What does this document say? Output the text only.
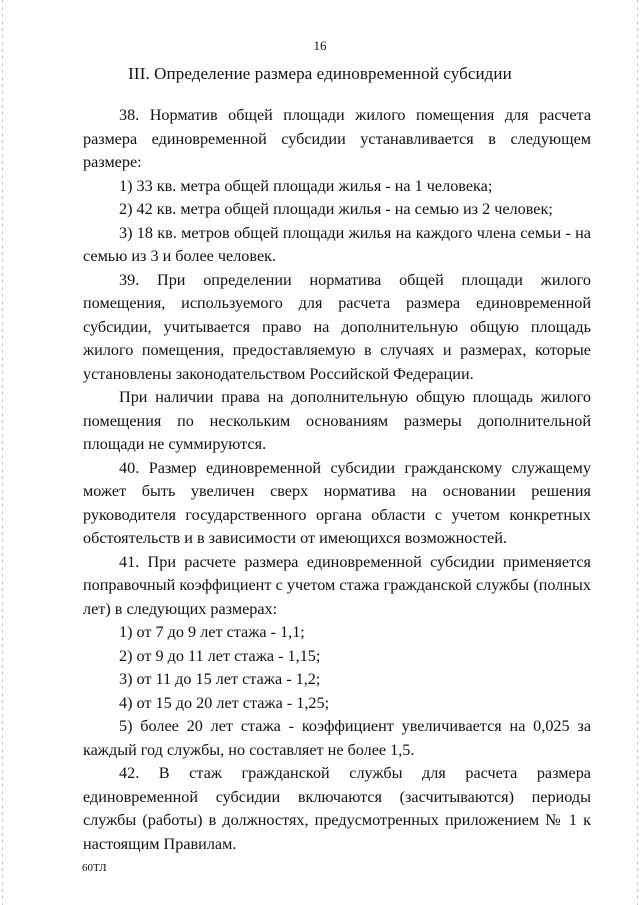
16
III. Определение размера единовременной субсидии

38. Норматив общей площади жилого помещения для расчета размера единовременной субсидии устанавливается в следующем размере:

1) 33 кв. метра общей площади жилья - на 1 человека;

2) 42 кв. метра общей площади жилья - на семью из 2 человек;

3) 18 кв. метров общей площади жилья на каждого члена семьи - на семью из 3 и более человек.

39. При определении норматива общей площади жилого помещения, используемого для расчета размера единовременной субсидии, учитывается право на дополнительную общую площадь жилого помещения, предоставляемую в случаях и размерах, которые установлены законодательством Российской Федерации.

При наличии права на дополнительную общую площадь жилого помещения по нескольким основаниям размеры дополнительной площади не суммируются.

40. Размер единовременной субсидии гражданскому служащему может быть увеличен сверх норматива на основании решения руководителя государственного органа области с учетом конкретных обстоятельств и в зависимости от имеющихся возможностей.

41. При расчете размера единовременной субсидии применяется поправочный коэффициент с учетом стажа гражданской службы (полных лет) в следующих размерах:

1) от 7 до 9 лет стажа - 1,1;

2) от 9 до 11 лет стажа - 1,15;

3) от 11 до 15 лет стажа - 1,2;

4) от 15 до 20 лет стажа - 1,25;

5) более 20 лет стажа - коэффициент увеличивается на 0,025 за каждый год службы, но составляет не более 1,5.

42. В стаж гражданской службы для расчета размера единовременной субсидии включаются (засчитываются) периоды службы (работы) в должностях, предусмотренных приложением № 1 к настоящим Правилам.

60ТЛ
